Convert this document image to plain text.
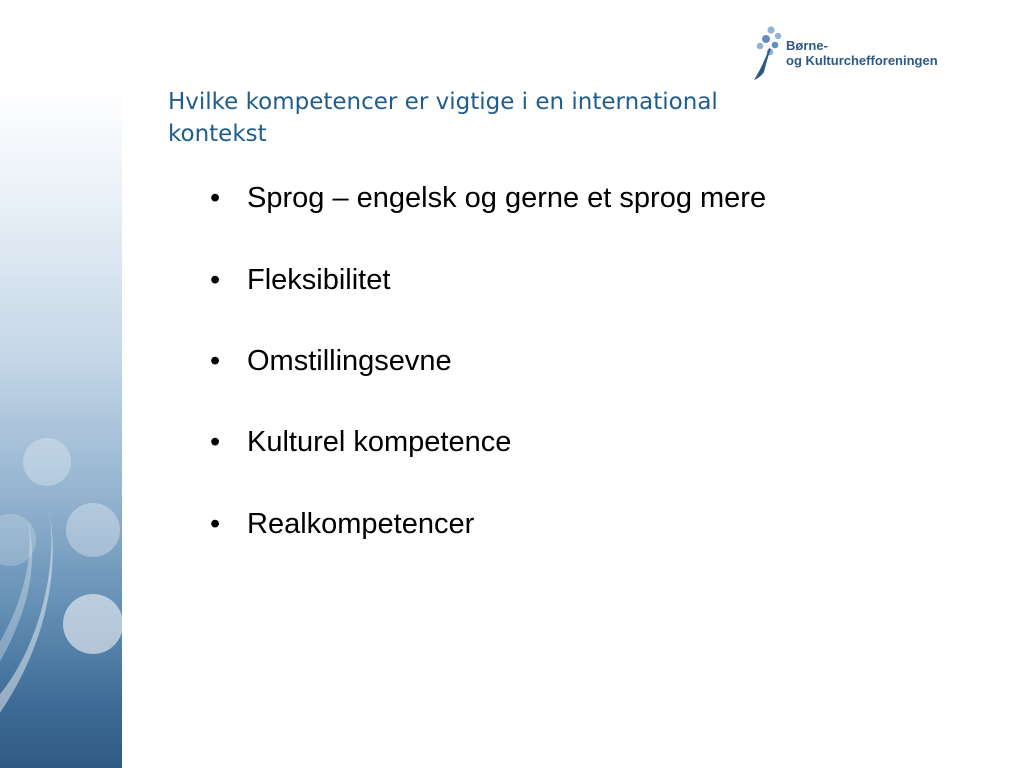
Børne-
og Kulturchefforeningen
Hvilke kompetencer er vigtige i en international
kontekst
• Sprog – engelsk og gerne et sprog mere
• Fleksibilitet
• Omstillingsevne
• Kulturel kompetence
• Realkompetencer
